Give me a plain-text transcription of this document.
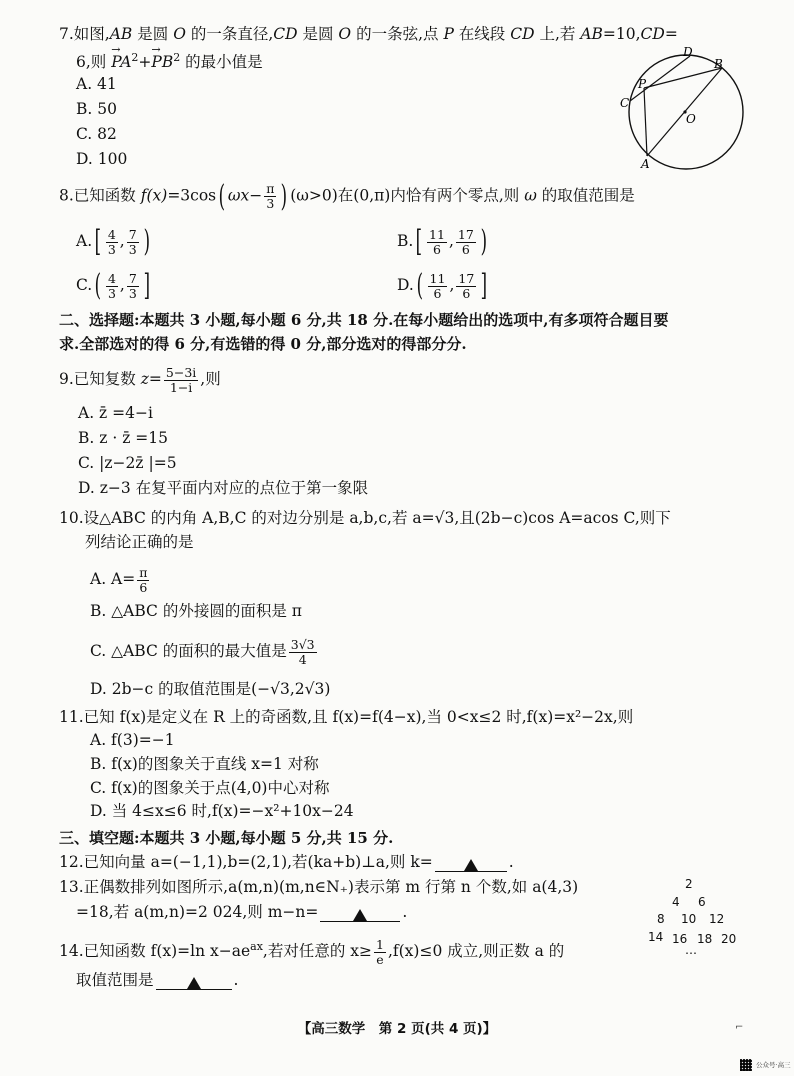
7.如图,AB 是圆 O 的一条直径,CD 是圆 O 的一条弦,点 P 在线段 CD 上,若 AB=10,CD=
6,则 → $PA^2+\to PB^2$ 的最小值是
A. 41
B. 50
C. 82
D. 100
D
B
P
C
O
A
8.已知函数 f(x)=3cos( $\omega x- \frac{\pi}{3}$ ) (ω>0)在(0,π)内恰有两个零点,则 ω 的取值范围是
$A.[ \frac{4}{3}$ , $\frac{7}{3}$ )	$B.[ \frac{11}{6}$ , $\frac{17}{6}$ )
$C.( \frac{4}{3}$ , $\frac{7}{3}$ ]	$D.( \frac{11}{6}$ , $\frac{17}{6}$ ]
二、选择题:本题共 3 小题,每小题 6 分,共 18 分.在每小题给出的选项中,有多项符合题目要
求.全部选对的得 6 分,有选错的得 0 分,部分选对的得部分分.
9.已知复数 $z= \frac{5-3i}{1-i}$ ,则
A. z̄ =4−i
B. z · z̄ =15
C. |z−2z̄ |=5
D. z−3 在复平面内对应的点位于第一象限
10.设△ABC 的内角 A,B,C 的对边分别是 a,b,c,若 a=√3,且(2b−c)cos A=acos C,则下
列结论正确的是
A. $A= \frac{\pi}{6}$
B. △ABC 的外接圆的面积是 π
C. △ABC 的面积的最大值是 $\frac{3√3}{4}$
D. 2b−c 的取值范围是(−√3,2√3)
11.已知 f(x)是定义在 R 上的奇函数,且 f(x)=f(4−x),当 0<x≤2 时,f(x)=x²−2x,则
A. f(3)=−1
B. f(x)的图象关于直线 x=1 对称
C. f(x)的图象关于点(4,0)中心对称
D. 当 4≤x≤6 时,f(x)=−x²+10x−24
三、填空题:本题共 3 小题,每小题 5 分,共 15 分.
12.已知向量 a=(−1,1),b=(2,1),若(ka+b)⊥a,则 k=	.
13.正偶数排列如图所示,a(m,n)(m,n∈N₊)表示第 m 行第 n 个数,如 a(4,3)
=18,若 a(m,n)=2 024,则 m−n=	.
2
4 6
8 10 12
14 16 18 20
…
14.已知函数 f(x)=ln $x-ae^{ax}$,若对任意的 $x\ge \frac{1}{e} ,f(x)\le 0$ 成立,则正数 a 的
取值范围是	.
【高三数学　第 2 页(共 4 页)】	⌐
公众号·高三
